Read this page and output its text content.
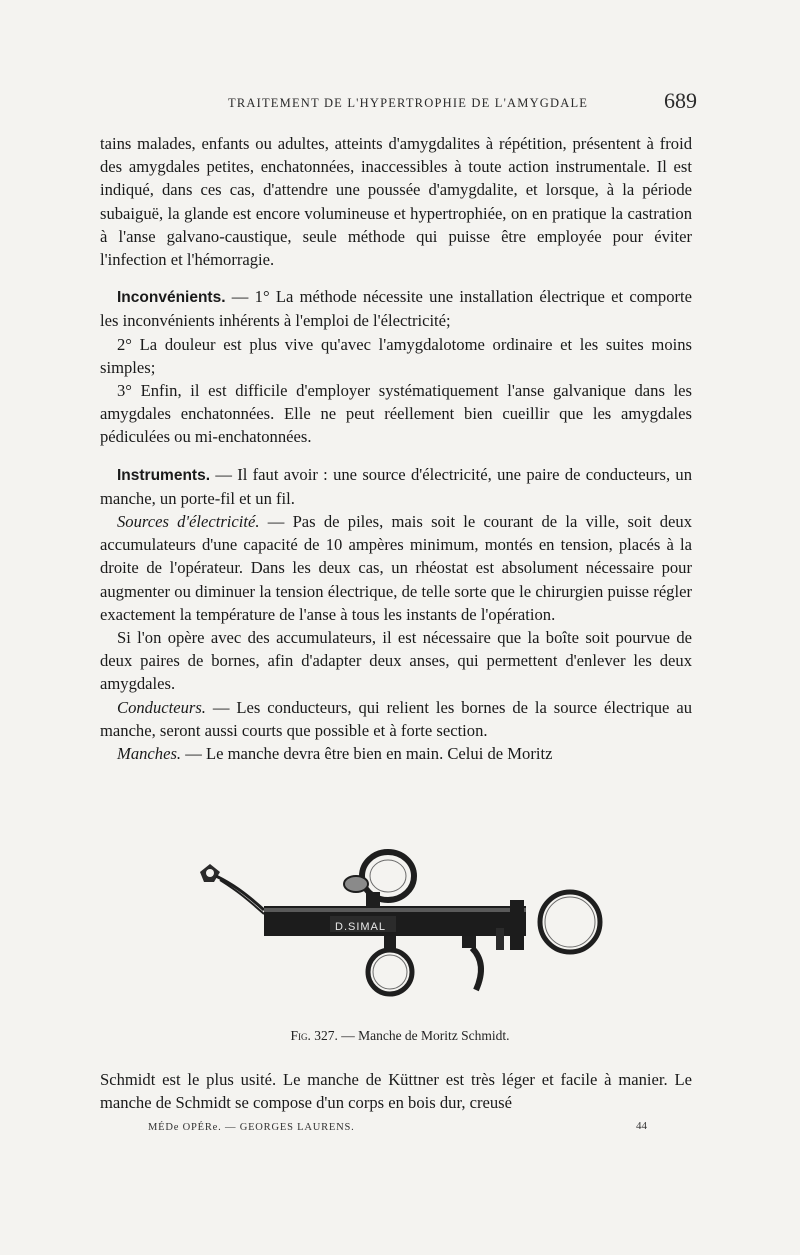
TRAITEMENT DE L'HYPERTROPHIE DE L'AMYGDALE	689

tains malades, enfants ou adultes, atteints d'amygdalites à répétition, présentent à froid des amygdales petites, enchatonnées, inaccessibles à toute action instrumentale. Il est indiqué, dans ces cas, d'attendre une poussée d'amygdalite, et lorsque, à la période subaiguë, la glande est encore volumineuse et hypertrophiée, on en pratique la castration à l'anse galvano-caustique, seule méthode qui puisse être employée pour éviter l'infection et l'hémorragie.

Inconvénients. — 1° La méthode nécessite une installation électrique et comporte les inconvénients inhérents à l'emploi de l'électricité;

2° La douleur est plus vive qu'avec l'amygdalotome ordinaire et les suites moins simples;

3° Enfin, il est difficile d'employer systématiquement l'anse galvanique dans les amygdales enchatonnées. Elle ne peut réellement bien cueillir que les amygdales pédiculées ou mi-enchatonnées.

Instruments. — Il faut avoir : une source d'électricité, une paire de conducteurs, un manche, un porte-fil et un fil.

Sources d'électricité. — Pas de piles, mais soit le courant de la ville, soit deux accumulateurs d'une capacité de 10 ampères minimum, montés en tension, placés à la droite de l'opérateur. Dans les deux cas, un rhéostat est absolument nécessaire pour augmenter ou diminuer la tension électrique, de telle sorte que le chirurgien puisse régler exactement la température de l'anse à tous les instants de l'opération.

Si l'on opère avec des accumulateurs, il est nécessaire que la boîte soit pourvue de deux paires de bornes, afin d'adapter deux anses, qui permettent d'enlever les deux amygdales.

Conducteurs. — Les conducteurs, qui relient les bornes de la source électrique au manche, seront aussi courts que possible et à forte section.

Manches. — Le manche devra être bien en main. Celui de Moritz

D.SIMAL
Fig. 327. — Manche de Moritz Schmidt.

Schmidt est le plus usité. Le manche de Küttner est très léger et facile à manier. Le manche de Schmidt se compose d'un corps en bois dur, creusé

MÉDe OPÉRe. — GEORGES LAURENS.	44
